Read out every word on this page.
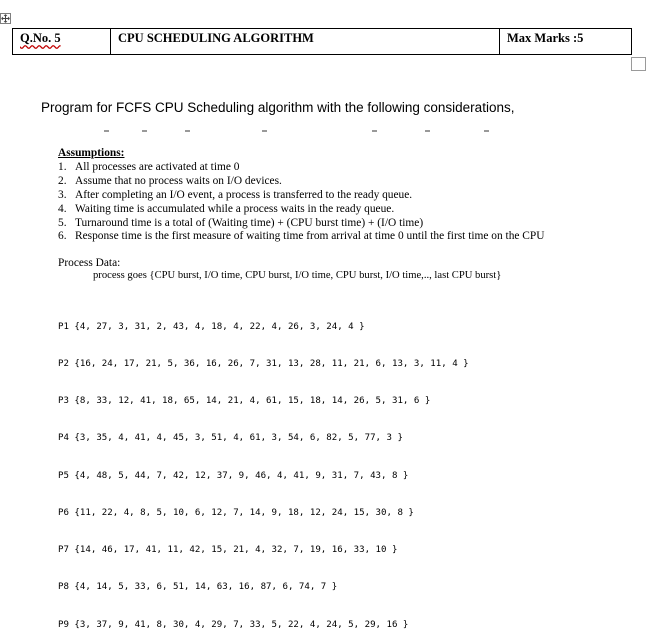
Q.No. 5	CPU SCHEDULING ALGORITHM	Max Marks :5
Program for FCFS CPU Scheduling algorithm with the following considerations,
Assumptions:
1. All processes are activated at time 0
2. Assume that no process waits on I/O devices.
3. After completing an I/O event, a process is transferred to the ready queue.
4. Waiting time is accumulated while a process waits in the ready queue.
5. Turnaround time is a total of (Waiting time) + (CPU burst time) + (I/O time)
6. Response time is the first measure of waiting time from arrival at time 0 until the first time on the CPU
Process Data:
process goes {CPU burst, I/O time, CPU burst, I/O time, CPU burst, I/O time,.., last CPU burst}

P1 {4, 27, 3, 31, 2, 43, 4, 18, 4, 22, 4, 26, 3, 24, 4 }

P2 {16, 24, 17, 21, 5, 36, 16, 26, 7, 31, 13, 28, 11, 21, 6, 13, 3, 11, 4 }

P3 {8, 33, 12, 41, 18, 65, 14, 21, 4, 61, 15, 18, 14, 26, 5, 31, 6 }

P4 {3, 35, 4, 41, 4, 45, 3, 51, 4, 61, 3, 54, 6, 82, 5, 77, 3 }

P5 {4, 48, 5, 44, 7, 42, 12, 37, 9, 46, 4, 41, 9, 31, 7, 43, 8 }

P6 {11, 22, 4, 8, 5, 10, 6, 12, 7, 14, 9, 18, 12, 24, 15, 30, 8 }

P7 {14, 46, 17, 41, 11, 42, 15, 21, 4, 32, 7, 19, 16, 33, 10 }

P8 {4, 14, 5, 33, 6, 51, 14, 63, 16, 87, 6, 74, 7 }

P9 {3, 37, 9, 41, 8, 30, 4, 29, 7, 33, 5, 22, 4, 24, 5, 29, 16 }
